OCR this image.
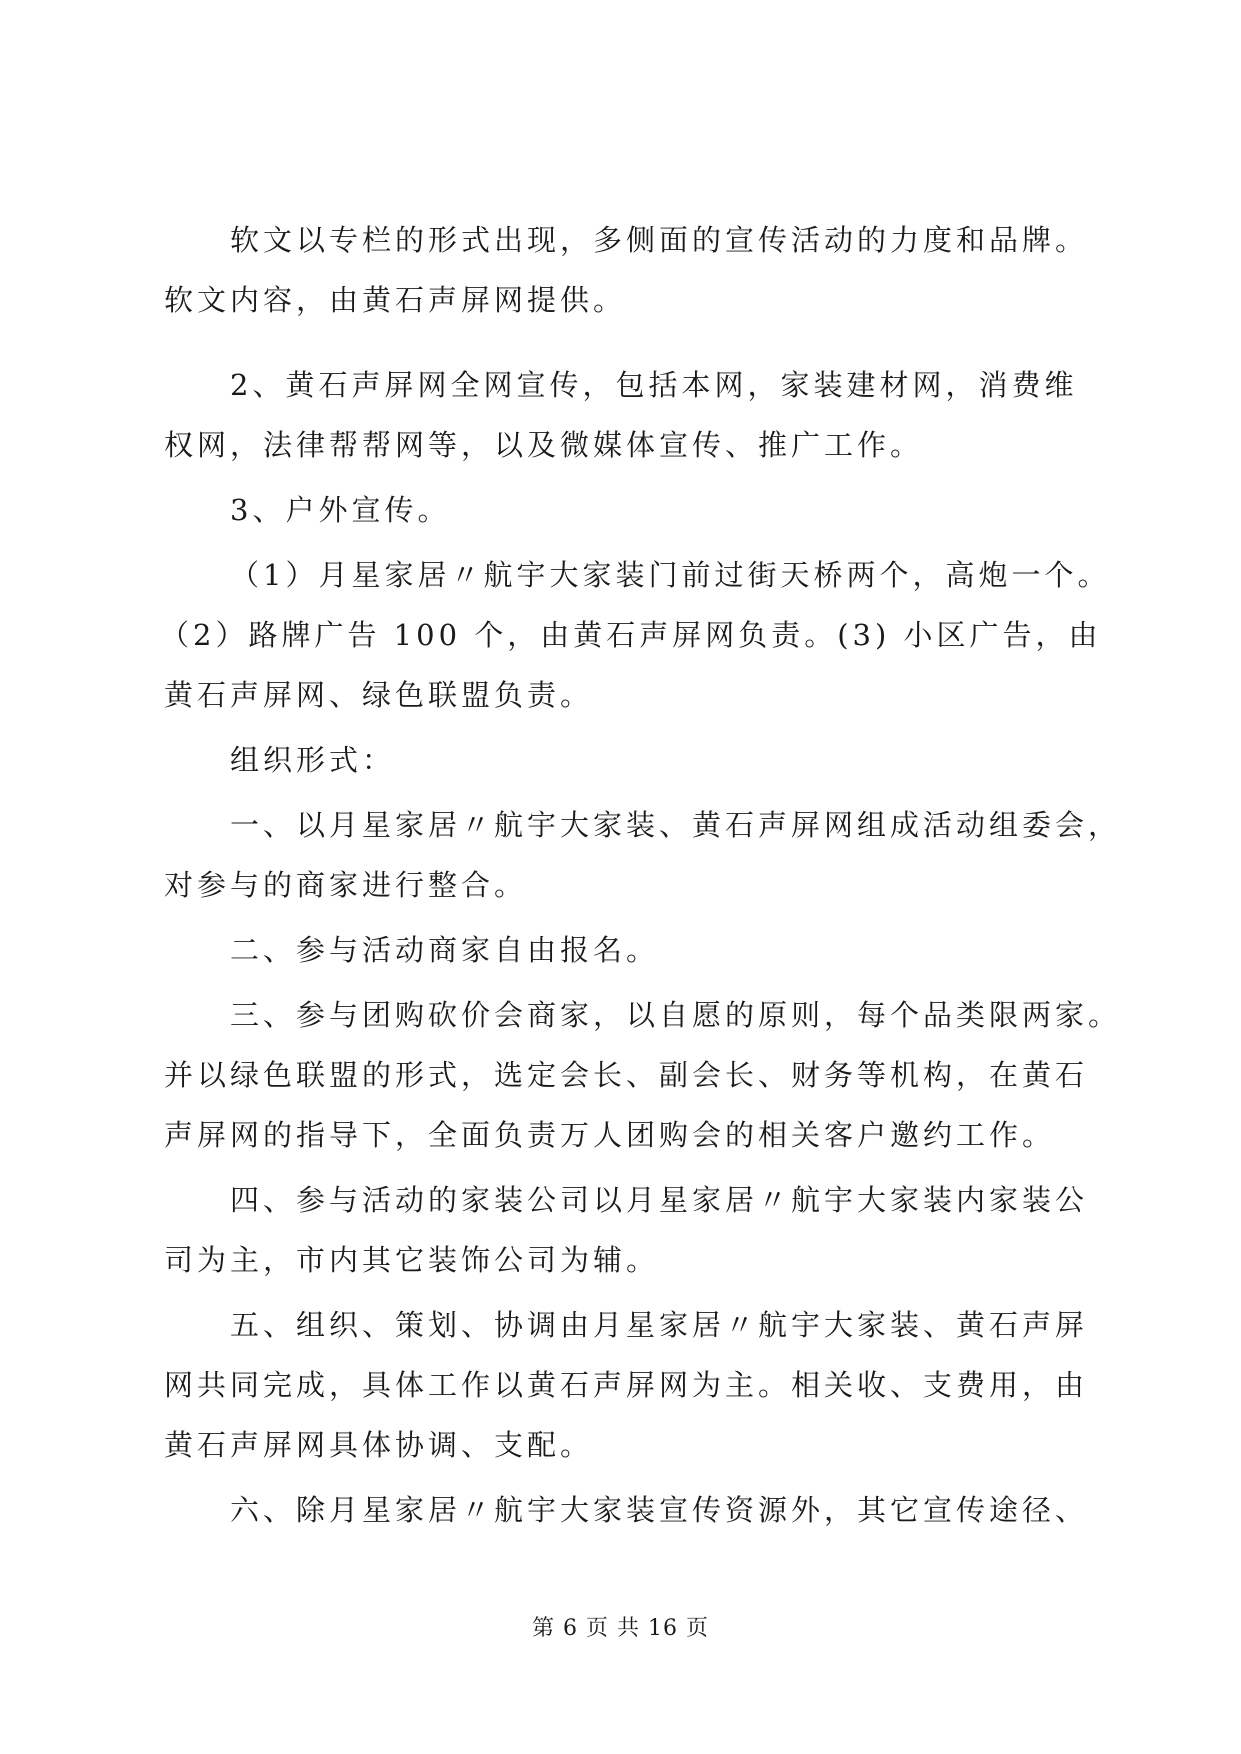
软文以专栏的形式出现，多侧面的宣传活动的力度和品牌。
软文内容，由黄石声屏网提供。
2、黄石声屏网全网宣传，包括本网，家装建材网，消费维
权网，法律帮帮网等，以及微媒体宣传、推广工作。
3、户外宣传。
（1）月星家居〃航宇大家装门前过街天桥两个，高炮一个。
（2）路牌广告 100 个，由黄石声屏网负责。(3) 小区广告，由
黄石声屏网、绿色联盟负责。
组织形式：
一、以月星家居〃航宇大家装、黄石声屏网组成活动组委会，
对参与的商家进行整合。
二、参与活动商家自由报名。
三、参与团购砍价会商家，以自愿的原则，每个品类限两家。
并以绿色联盟的形式，选定会长、副会长、财务等机构，在黄石
声屏网的指导下，全面负责万人团购会的相关客户邀约工作。
四、参与活动的家装公司以月星家居〃航宇大家装内家装公
司为主，市内其它装饰公司为辅。
五、组织、策划、协调由月星家居〃航宇大家装、黄石声屏
网共同完成，具体工作以黄石声屏网为主。相关收、支费用，由
黄石声屏网具体协调、支配。
六、除月星家居〃航宇大家装宣传资源外，其它宣传途径、
第 6 页 共 16 页
